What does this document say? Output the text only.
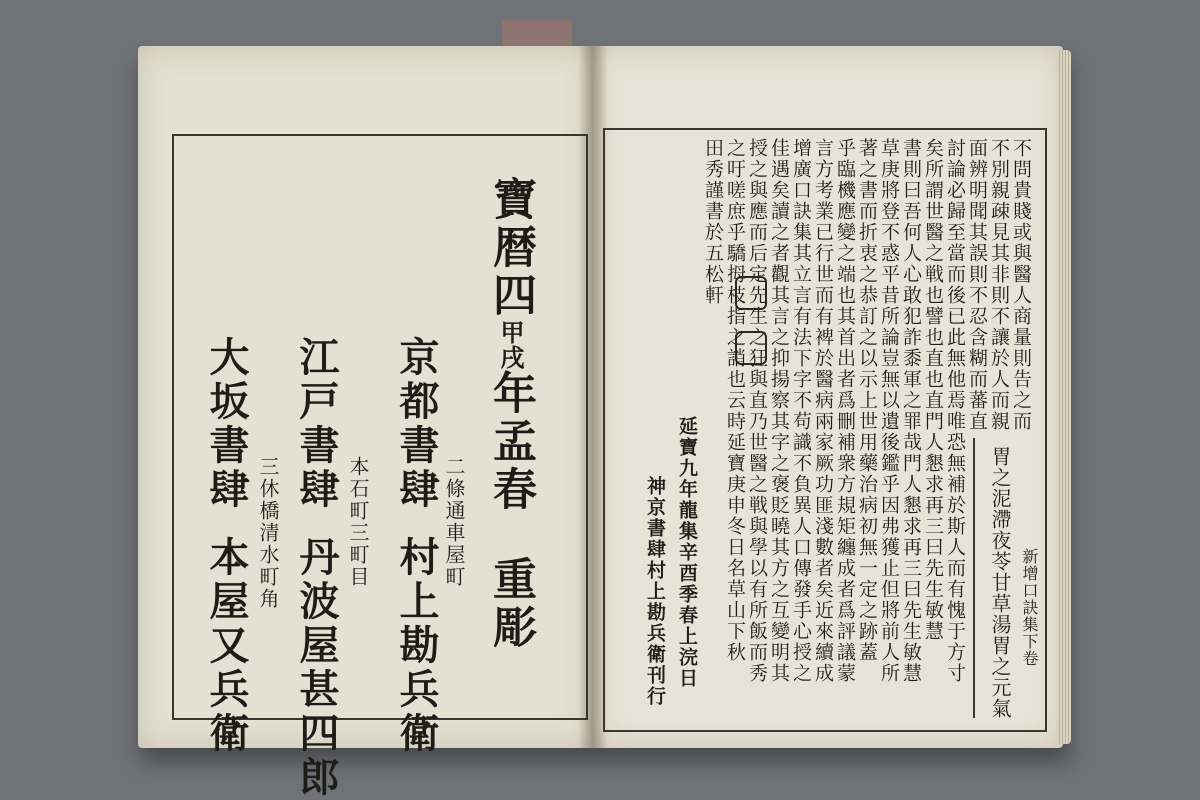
寶暦四甲戌年孟春
重彫
京都書肆
二條通車屋町
村上勘兵衛
江戸書肆
本石町三町目
丹波屋甚四郎
大坂書肆
三休橋清水町角
本屋又兵衛
不問貴賤或與醫人商量則告之而
不別親疎見其非則不讓於人而親
面辨明聞其誤則不忍含糊而蕃直
討論必歸至當而後已此無他焉唯恐無補於斯人而有愧于方寸
矣所謂世醫之戦也譬也直也直門人懇求再三曰先生敏慧
書則曰吾何人心敢犯詐黍軍之罪哉門人懇求再三曰先生敏慧
草庚將登不惑平昔所論豈無以遺後鑑乎因弗獲止但將前人所
著之書而折衷之恭訂之以示上世用藥治病初無一定之跡蓋
乎臨機應變之端也其首出者爲刪補衆方規矩纏成者爲評議蒙
言方考業已行世而有裨於醫病兩家厥功匪淺數者矣近來續成
增廣口訣集其立言有法下字不苟識不負異人口傳發手心授之
佳遇矣讀之者觀其言之抑揚察其字之褒貶曉其方之互變明其
授之與應而后定先生之狂與直乃世醫之戦與學以有所飯而秀
之吁嗟庶乎驕拇枝指之誚也云時延寶庚申冬日名草山下秋
田秀謹書於五松軒
延寶九年龍集辛酉季春上浣日
神京書肆村上勘兵衛刊行	胃之泥滯夜苓甘草湯胃之元氣 新增口訣集下卷
